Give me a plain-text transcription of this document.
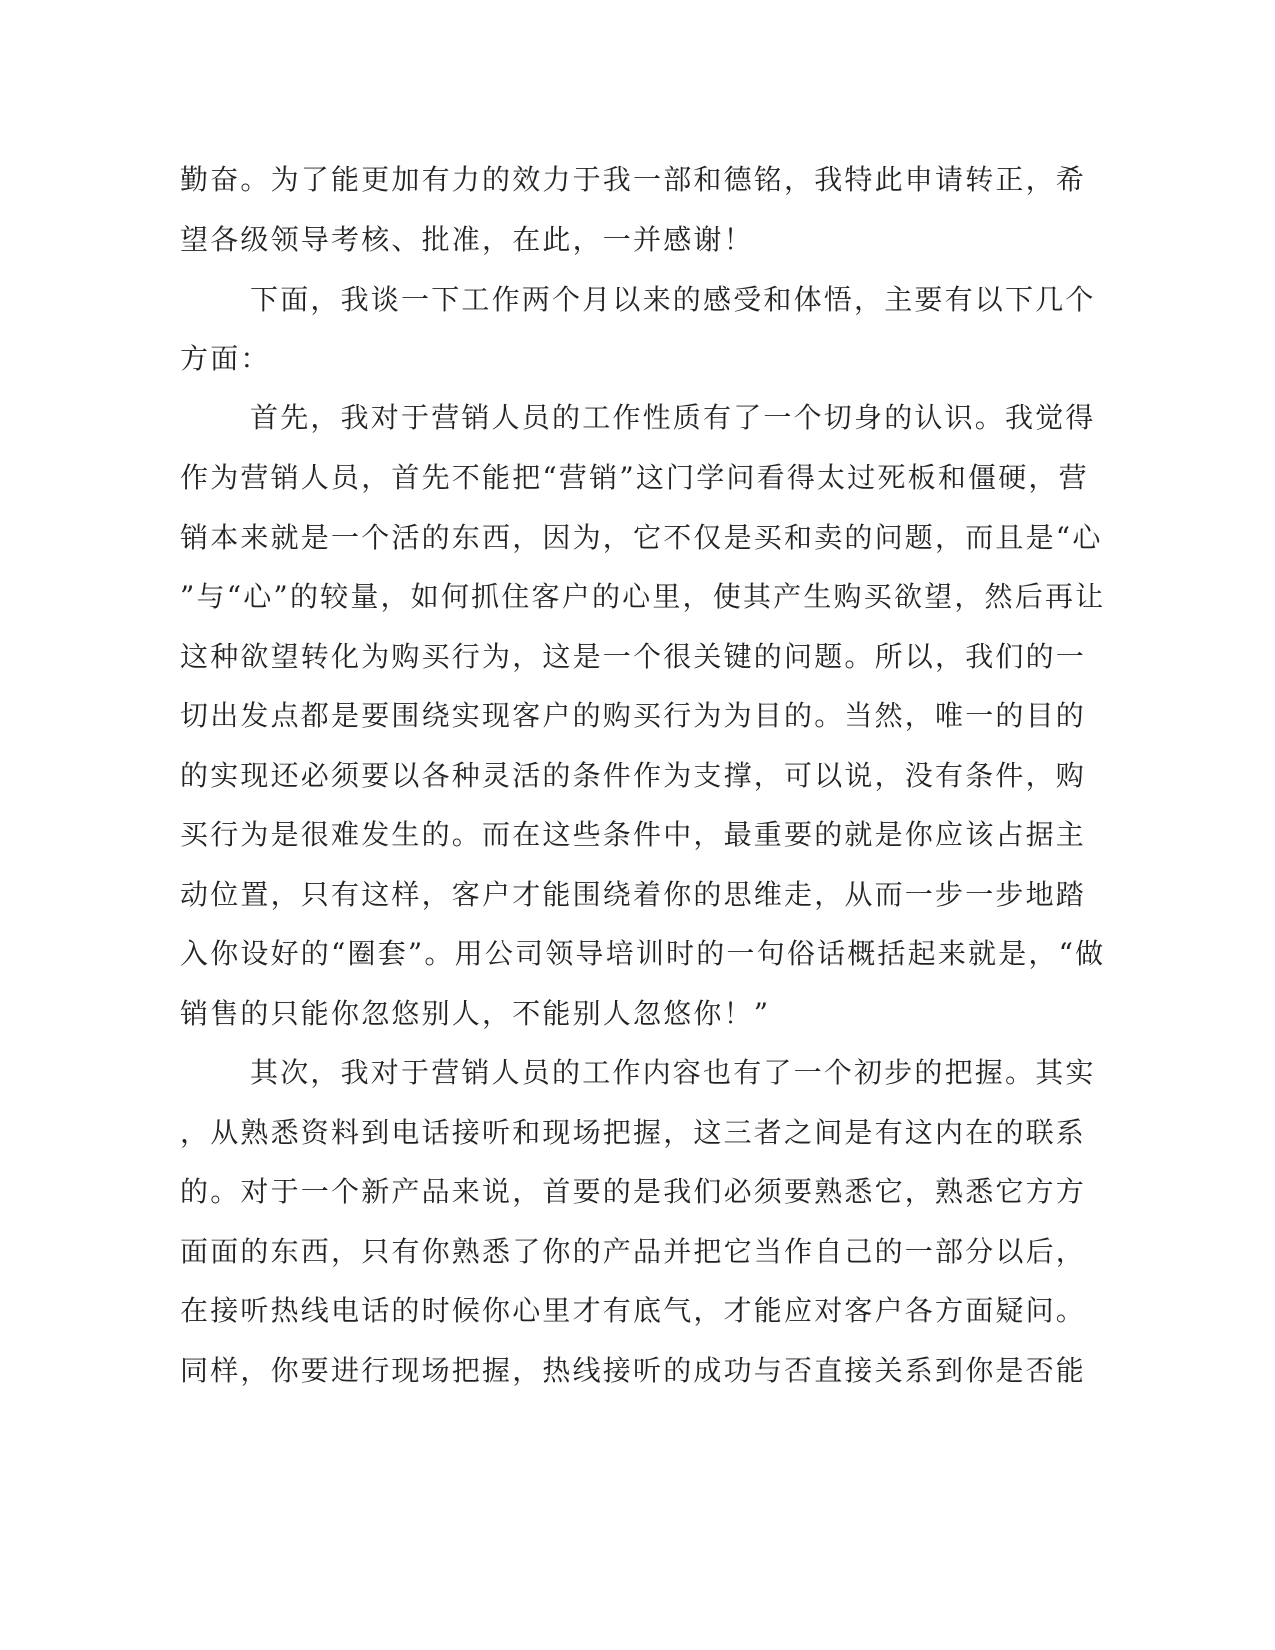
勤奋。为了能更加有力的效力于我一部和德铭，我特此申请转正，希
望各级领导考核、批准，在此，一并感谢！
下面，我谈一下工作两个月以来的感受和体悟，主要有以下几个
方面：
首先，我对于营销人员的工作性质有了一个切身的认识。我觉得
作为营销人员，首先不能把“营销”这门学问看得太过死板和僵硬，营
销本来就是一个活的东西，因为，它不仅是买和卖的问题，而且是“心
”与“心”的较量，如何抓住客户的心里，使其产生购买欲望，然后再让
这种欲望转化为购买行为，这是一个很关键的问题。所以，我们的一
切出发点都是要围绕实现客户的购买行为为目的。当然，唯一的目的
的实现还必须要以各种灵活的条件作为支撑，可以说，没有条件，购
买行为是很难发生的。而在这些条件中，最重要的就是你应该占据主
动位置，只有这样，客户才能围绕着你的思维走，从而一步一步地踏
入你设好的“圈套”。用公司领导培训时的一句俗话概括起来就是，“做
销售的只能你忽悠别人，不能别人忽悠你！”
其次，我对于营销人员的工作内容也有了一个初步的把握。其实
，从熟悉资料到电话接听和现场把握，这三者之间是有这内在的联系
的。对于一个新产品来说，首要的是我们必须要熟悉它，熟悉它方方
面面的东西，只有你熟悉了你的产品并把它当作自己的一部分以后，
在接听热线电话的时候你心里才有底气，才能应对客户各方面疑问。
同样，你要进行现场把握，热线接听的成功与否直接关系到你是否能
